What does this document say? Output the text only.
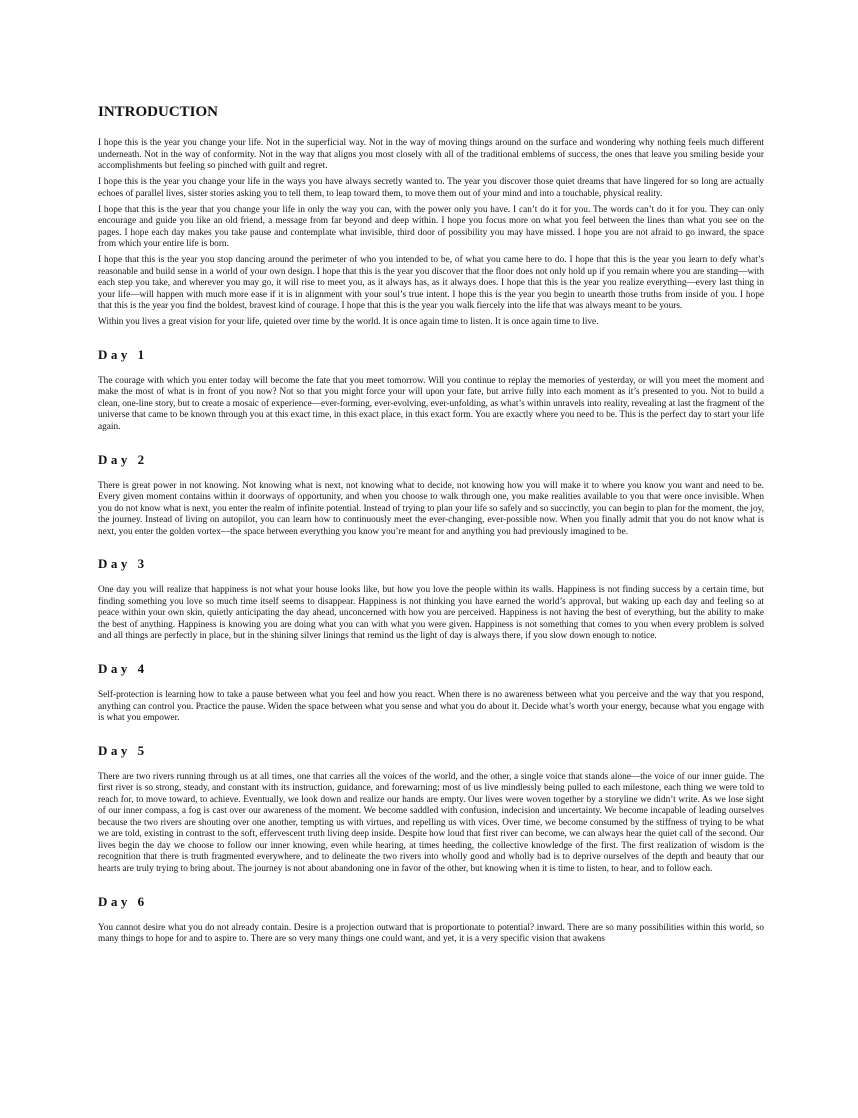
INTRODUCTION

I hope this is the year you change your life. Not in the superficial way. Not in the way of moving things around on the surface and wondering why nothing feels much different underneath. Not in the way of conformity. Not in the way that aligns you most closely with all of the traditional emblems of success, the ones that leave you smiling beside your accomplishments but feeling so pinched with guilt and regret.

I hope this is the year you change your life in the ways you have always secretly wanted to. The year you discover those quiet dreams that have lingered for so long are actually echoes of parallel lives, sister stories asking you to tell them, to leap toward them, to move them out of your mind and into a touchable, physical reality.

I hope that this is the year that you change your life in only the way you can, with the power only you have. I can’t do it for you. The words can’t do it for you. They can only encourage and guide you like an old friend, a message from far beyond and deep within. I hope you focus more on what you feel between the lines than what you see on the pages. I hope each day makes you take pause and contemplate what invisible, third door of possibility you may have missed. I hope you are not afraid to go inward, the space from which your entire life is born.

I hope that this is the year you stop dancing around the perimeter of who you intended to be, of what you came here to do. I hope that this is the year you learn to defy what’s reasonable and build sense in a world of your own design. I hope that this is the year you discover that the floor does not only hold up if you remain where you are standing—with each step you take, and wherever you may go, it will rise to meet you, as it always has, as it always does. I hope that this is the year you realize everything—every last thing in your life—will happen with much more ease if it is in alignment with your soul’s true intent. I hope this is the year you begin to unearth those truths from inside of you. I hope that this is the year you find the boldest, bravest kind of courage. I hope that this is the year you walk fiercely into the life that was always meant to be yours.

Within you lives a great vision for your life, quieted over time by the world. It is once again time to listen. It is once again time to live.

Day 1

The courage with which you enter today will become the fate that you meet tomorrow. Will you continue to replay the memories of yesterday, or will you meet the moment and make the most of what is in front of you now? Not so that you might force your will upon your fate, but arrive fully into each moment as it’s presented to you. Not to build a clean, one-line story, but to create a mosaic of experience—ever-forming, ever-evolving, ever-unfolding, as what’s within unravels into reality, revealing at last the fragment of the universe that came to be known through you at this exact time, in this exact place, in this exact form. You are exactly where you need to be. This is the perfect day to start your life again.

Day 2

There is great power in not knowing. Not knowing what is next, not knowing what to decide, not knowing how you will make it to where you know you want and need to be. Every given moment contains within it doorways of opportunity, and when you choose to walk through one, you make realities available to you that were once invisible. When you do not know what is next, you enter the realm of infinite potential. Instead of trying to plan your life so safely and so succinctly, you can begin to plan for the moment, the joy, the journey. Instead of living on autopilot, you can learn how to continuously meet the ever-changing, ever-possible now. When you finally admit that you do not know what is next, you enter the golden vortex—the space between everything you know you’re meant for and anything you had previously imagined to be.

Day 3

One day you will realize that happiness is not what your house looks like, but how you love the people within its walls. Happiness is not finding success by a certain time, but finding something you love so much time itself seems to disappear. Happiness is not thinking you have earned the world’s approval, but waking up each day and feeling so at peace within your own skin, quietly anticipating the day ahead, unconcerned with how you are perceived. Happiness is not having the best of everything, but the ability to make the best of anything. Happiness is knowing you are doing what you can with what you were given. Happiness is not something that comes to you when every problem is solved and all things are perfectly in place, but in the shining silver linings that remind us the light of day is always there, if you slow down enough to notice.

Day 4

Self-protection is learning how to take a pause between what you feel and how you react. When there is no awareness between what you perceive and the way that you respond, anything can control you. Practice the pause. Widen the space between what you sense and what you do about it. Decide what’s worth your energy, because what you engage with is what you empower.

Day 5

There are two rivers running through us at all times, one that carries all the voices of the world, and the other, a single voice that stands alone—the voice of our inner guide. The first river is so strong, steady, and constant with its instruction, guidance, and forewarning; most of us live mindlessly being pulled to each milestone, each thing we were told to reach for, to move toward, to achieve. Eventually, we look down and realize our hands are empty. Our lives were woven together by a storyline we didn’t write. As we lose sight of our inner compass, a fog is cast over our awareness of the moment. We become saddled with confusion, indecision and uncertainty. We become incapable of leading ourselves because the two rivers are shouting over one another, tempting us with virtues, and repelling us with vices. Over time, we become consumed by the stiffness of trying to be what we are told, existing in contrast to the soft, effervescent truth living deep inside. Despite how loud that first river can become, we can always hear the quiet call of the second. Our lives begin the day we choose to follow our inner knowing, even while hearing, at times heeding, the collective knowledge of the first. The first realization of wisdom is the recognition that there is truth fragmented everywhere, and to delineate the two rivers into wholly good and wholly bad is to deprive ourselves of the depth and beauty that our hearts are truly trying to bring about. The journey is not about abandoning one in favor of the other, but knowing when it is time to listen, to hear, and to follow each.

Day 6

You cannot desire what you do not already contain. Desire is a projection outward that is proportionate to potential? inward. There are so many possibilities within this world, so many things to hope for and to aspire to. There are so very many things one could want, and yet, it is a very specific vision that awakens
